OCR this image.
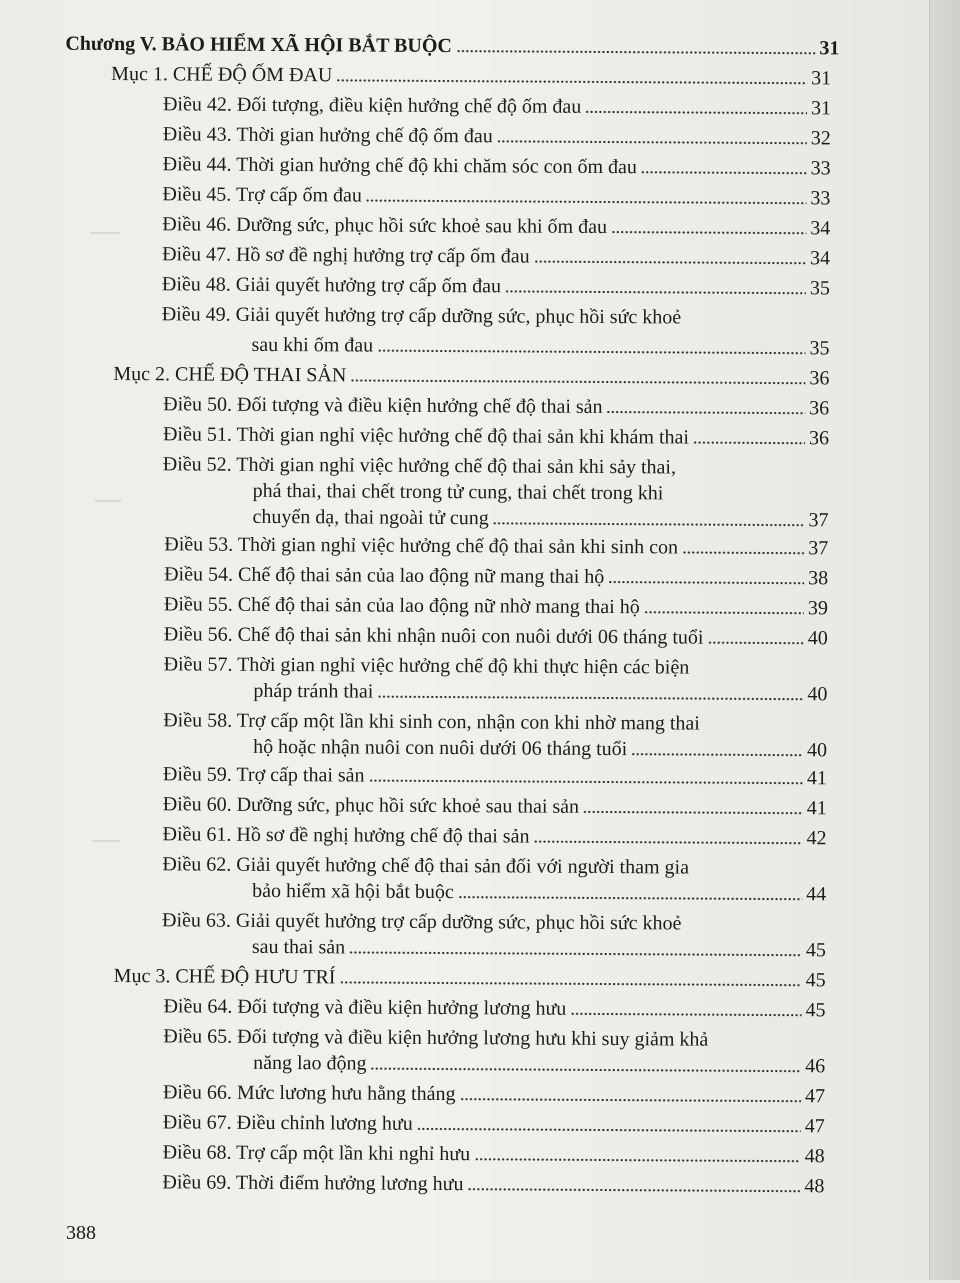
Chương V. BẢO HIỂM XÃ HỘI BẮT BUỘC	31
Mục 1. CHẾ ĐỘ ỐM ĐAU	31
Điều 42. Đối tượng, điều kiện hưởng chế độ ốm đau	31
Điều 43. Thời gian hưởng chế độ ốm đau	32
Điều 44. Thời gian hưởng chế độ khi chăm sóc con ốm đau	33
Điều 45. Trợ cấp ốm đau	33
Điều 46. Dưỡng sức, phục hồi sức khoẻ sau khi ốm đau	34
Điều 47. Hồ sơ đề nghị hưởng trợ cấp ốm đau	34
Điều 48. Giải quyết hưởng trợ cấp ốm đau	35
Điều 49. Giải quyết hưởng trợ cấp dưỡng sức, phục hồi sức khoẻ
sau khi ốm đau	35
Mục 2. CHẾ ĐỘ THAI SẢN	36
Điều 50. Đối tượng và điều kiện hưởng chế độ thai sản	36
Điều 51. Thời gian nghỉ việc hưởng chế độ thai sản khi khám thai	36
Điều 52. Thời gian nghỉ việc hưởng chế độ thai sản khi sảy thai,
phá thai, thai chết trong tử cung, thai chết trong khi
chuyển dạ, thai ngoài tử cung	37
Điều 53. Thời gian nghỉ việc hưởng chế độ thai sản khi sinh con	37
Điều 54. Chế độ thai sản của lao động nữ mang thai hộ	38
Điều 55. Chế độ thai sản của lao động nữ nhờ mang thai hộ	39
Điều 56. Chế độ thai sản khi nhận nuôi con nuôi dưới 06 tháng tuổi	40
Điều 57. Thời gian nghỉ việc hưởng chế độ khi thực hiện các biện
pháp tránh thai	40
Điều 58. Trợ cấp một lần khi sinh con, nhận con khi nhờ mang thai
hộ hoặc nhận nuôi con nuôi dưới 06 tháng tuổi	40
Điều 59. Trợ cấp thai sản	41
Điều 60. Dưỡng sức, phục hồi sức khoẻ sau thai sản	41
Điều 61. Hồ sơ đề nghị hưởng chế độ thai sản	42
Điều 62. Giải quyết hưởng chế độ thai sản đối với người tham gia
bảo hiểm xã hội bắt buộc	44
Điều 63. Giải quyết hưởng trợ cấp dưỡng sức, phục hồi sức khoẻ
sau thai sản	45
Mục 3. CHẾ ĐỘ HƯU TRÍ	45
Điều 64. Đối tượng và điều kiện hưởng lương hưu	45
Điều 65. Đối tượng và điều kiện hưởng lương hưu khi suy giảm khả
năng lao động	46
Điều 66. Mức lương hưu hằng tháng	47
Điều 67. Điều chỉnh lương hưu	47
Điều 68. Trợ cấp một lần khi nghỉ hưu	48
Điều 69. Thời điểm hưởng lương hưu	48
388
